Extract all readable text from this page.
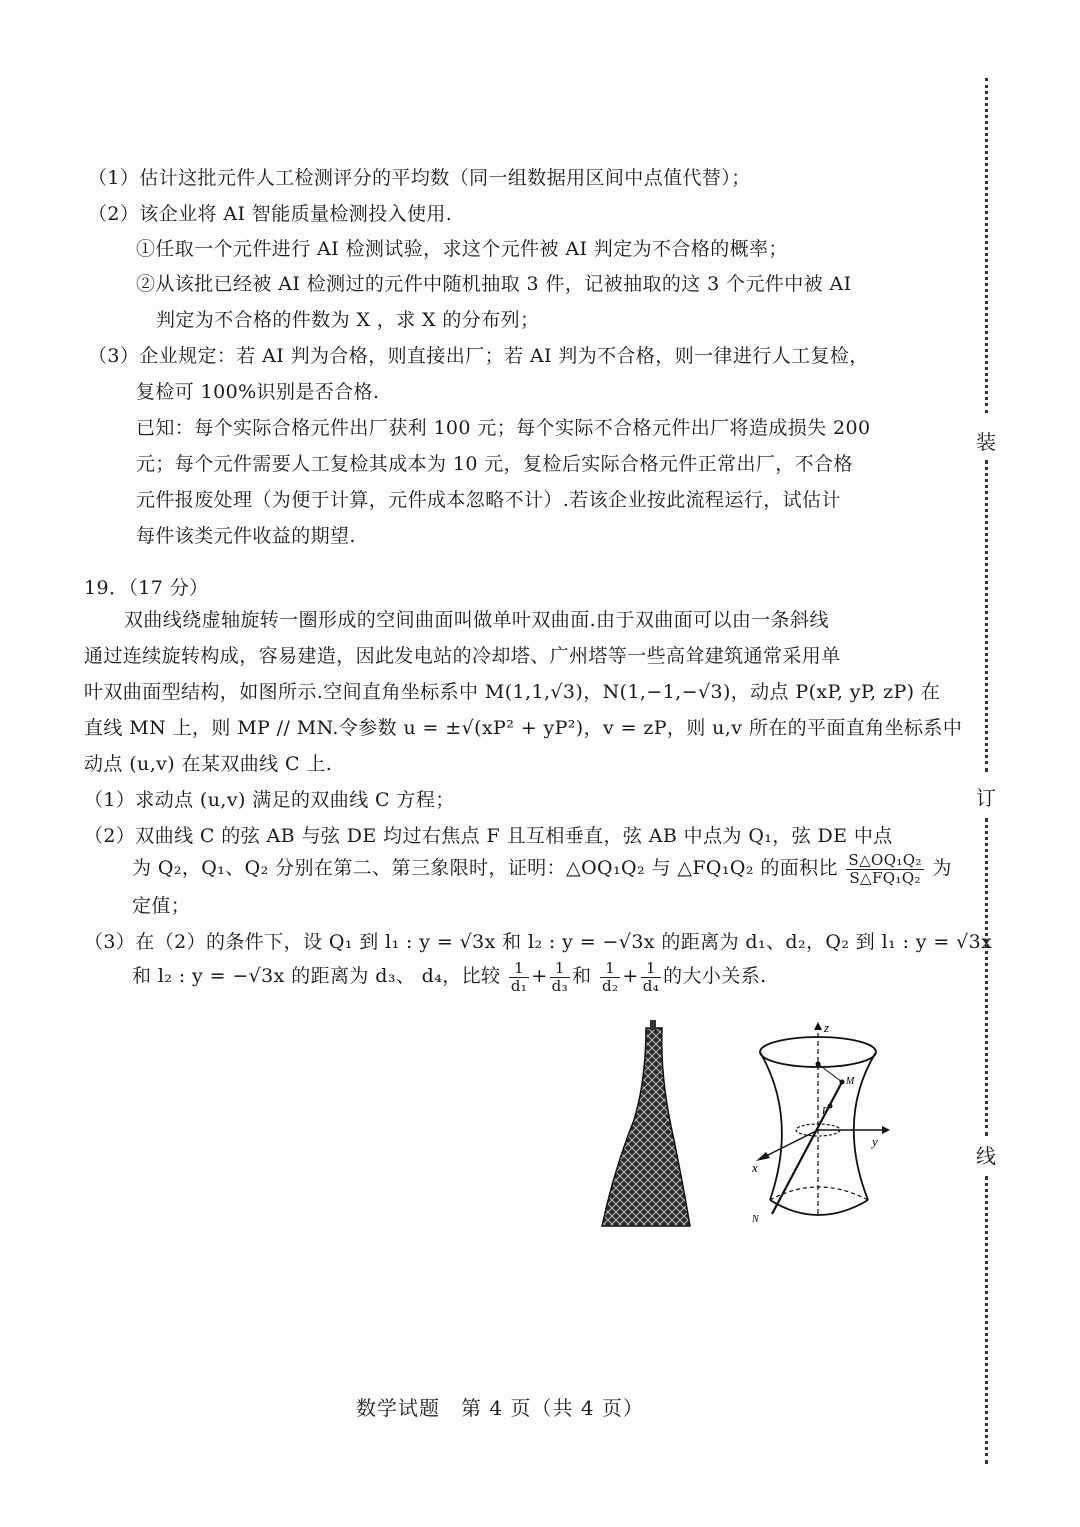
装
订
线
（1）估计这批元件人工检测评分的平均数（同一组数据用区间中点值代替）；
（2）该企业将 AI 智能质量检测投入使用.
①任取一个元件进行 AI 检测试验，求这个元件被 AI 判定为不合格的概率；
②从该批已经被 AI 检测过的元件中随机抽取 3 件，记被抽取的这 3 个元件中被 AI
判定为不合格的件数为 X ，求 X 的分布列；
（3）企业规定：若 AI 判为合格，则直接出厂；若 AI 判为不合格，则一律进行人工复检，
复检可 100%识别是否合格.
已知：每个实际合格元件出厂获利 100 元；每个实际不合格元件出厂将造成损失 200
元；每个元件需要人工复检其成本为 10 元，复检后实际合格元件正常出厂，不合格
元件报废处理（为便于计算，元件成本忽略不计）.若该企业按此流程运行，试估计
每件该类元件收益的期望.
19．（17 分）
双曲线绕虚轴旋转一圈形成的空间曲面叫做单叶双曲面.由于双曲面可以由一条斜线
通过连续旋转构成，容易建造，因此发电站的冷却塔、广州塔等一些高耸建筑通常采用单
叶双曲面型结构，如图所示.空间直角坐标系中 M(1,1,√3)，N(1,−1,−√3)，动点 P(xP, yP, zP) 在
直线 MN 上，则 MP // MN.令参数 u = ±√(xP² + yP²)，v = zP，则 u,v 所在的平面直角坐标系中
动点 (u,v) 在某双曲线 C 上.
（1）求动点 (u,v) 满足的双曲线 C 方程；
（2）双曲线 C 的弦 AB 与弦 DE 均过右焦点 F 且互相垂直，弦 AB 中点为 Q₁，弦 DE 中点
为 Q₂，Q₁、Q₂ 分别在第二、第三象限时，证明：△OQ₁Q₂ 与 △FQ₁Q₂ 的面积比 $\frac{\text{S△OQ₁Q₂}}{\text{S△FQ₁Q₂}}$ 为
定值；
（3）在（2）的条件下，设 Q₁ 到 l₁ : y = √3x 和 l₂ : y = −√3x 的距离为 d₁、d₂，Q₂ 到 l₁ : y = √3x
和 l₂ : y = −√3x 的距离为 d₃、 d₄，比较 $\frac{1}{\text{d₁}} + \frac{1}{\text{d₃}}$ 和 $\frac{1}{\text{d₂}} + \frac{1}{\text{d₄}}$ 的大小关系.
z
y
x
M
P
N
数学试题　第 4 页（共 4 页）
